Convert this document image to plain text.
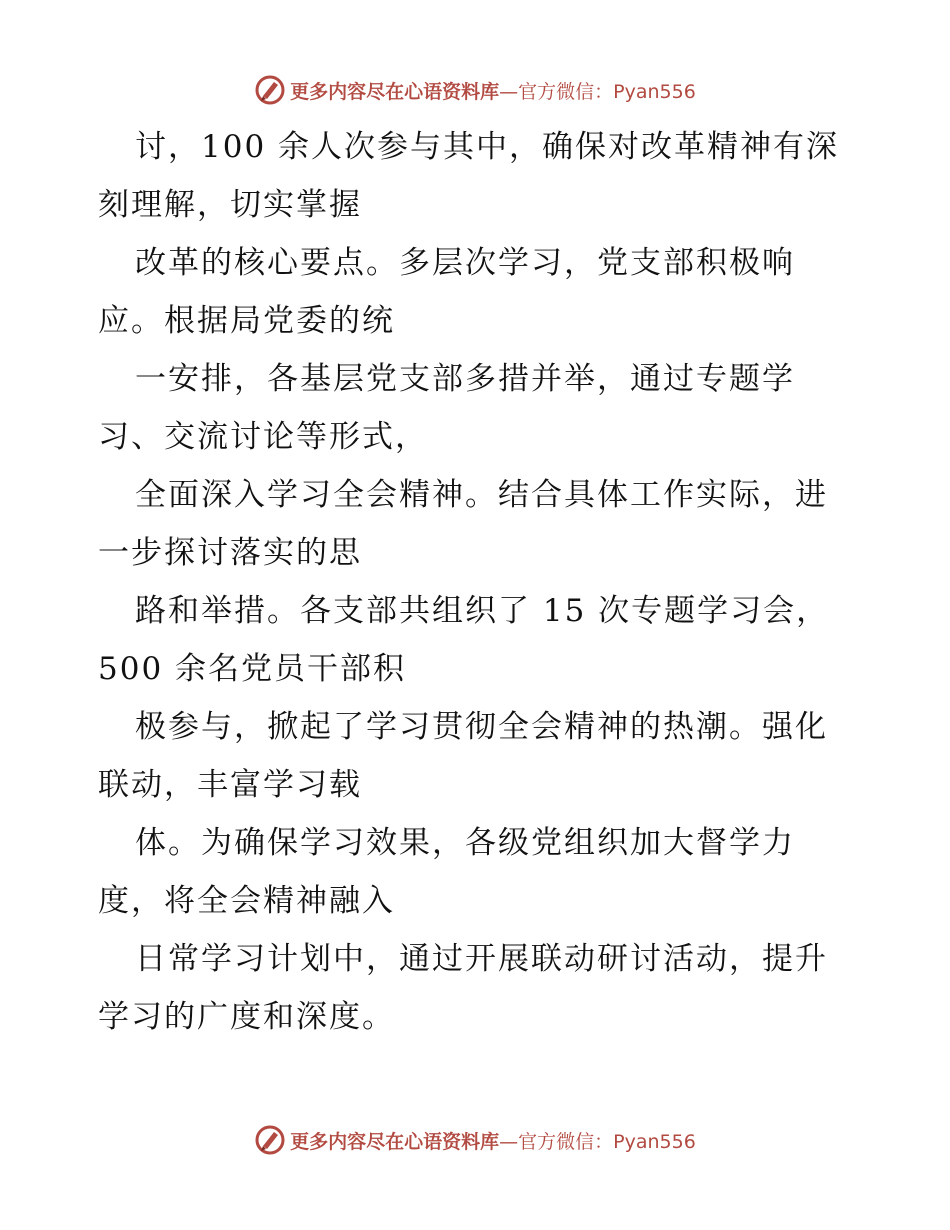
更多内容尽在心语资料库—官方微信：Pyan556
讨，100 余人次参与其中，确保对改革精神有深
刻理解，切实掌握
改革的核心要点。多层次学习，党支部积极响
应。根据局党委的统
一安排，各基层党支部多措并举，通过专题学
习、交流讨论等形式，
全面深入学习全会精神。结合具体工作实际，进
一步探讨落实的思
路和举措。各支部共组织了 15 次专题学习会，
500 余名党员干部积
极参与，掀起了学习贯彻全会精神的热潮。强化
联动，丰富学习载
体。为确保学习效果，各级党组织加大督学力
度，将全会精神融入
日常学习计划中，通过开展联动研讨活动，提升
学习的广度和深度。
更多内容尽在心语资料库—官方微信：Pyan556
